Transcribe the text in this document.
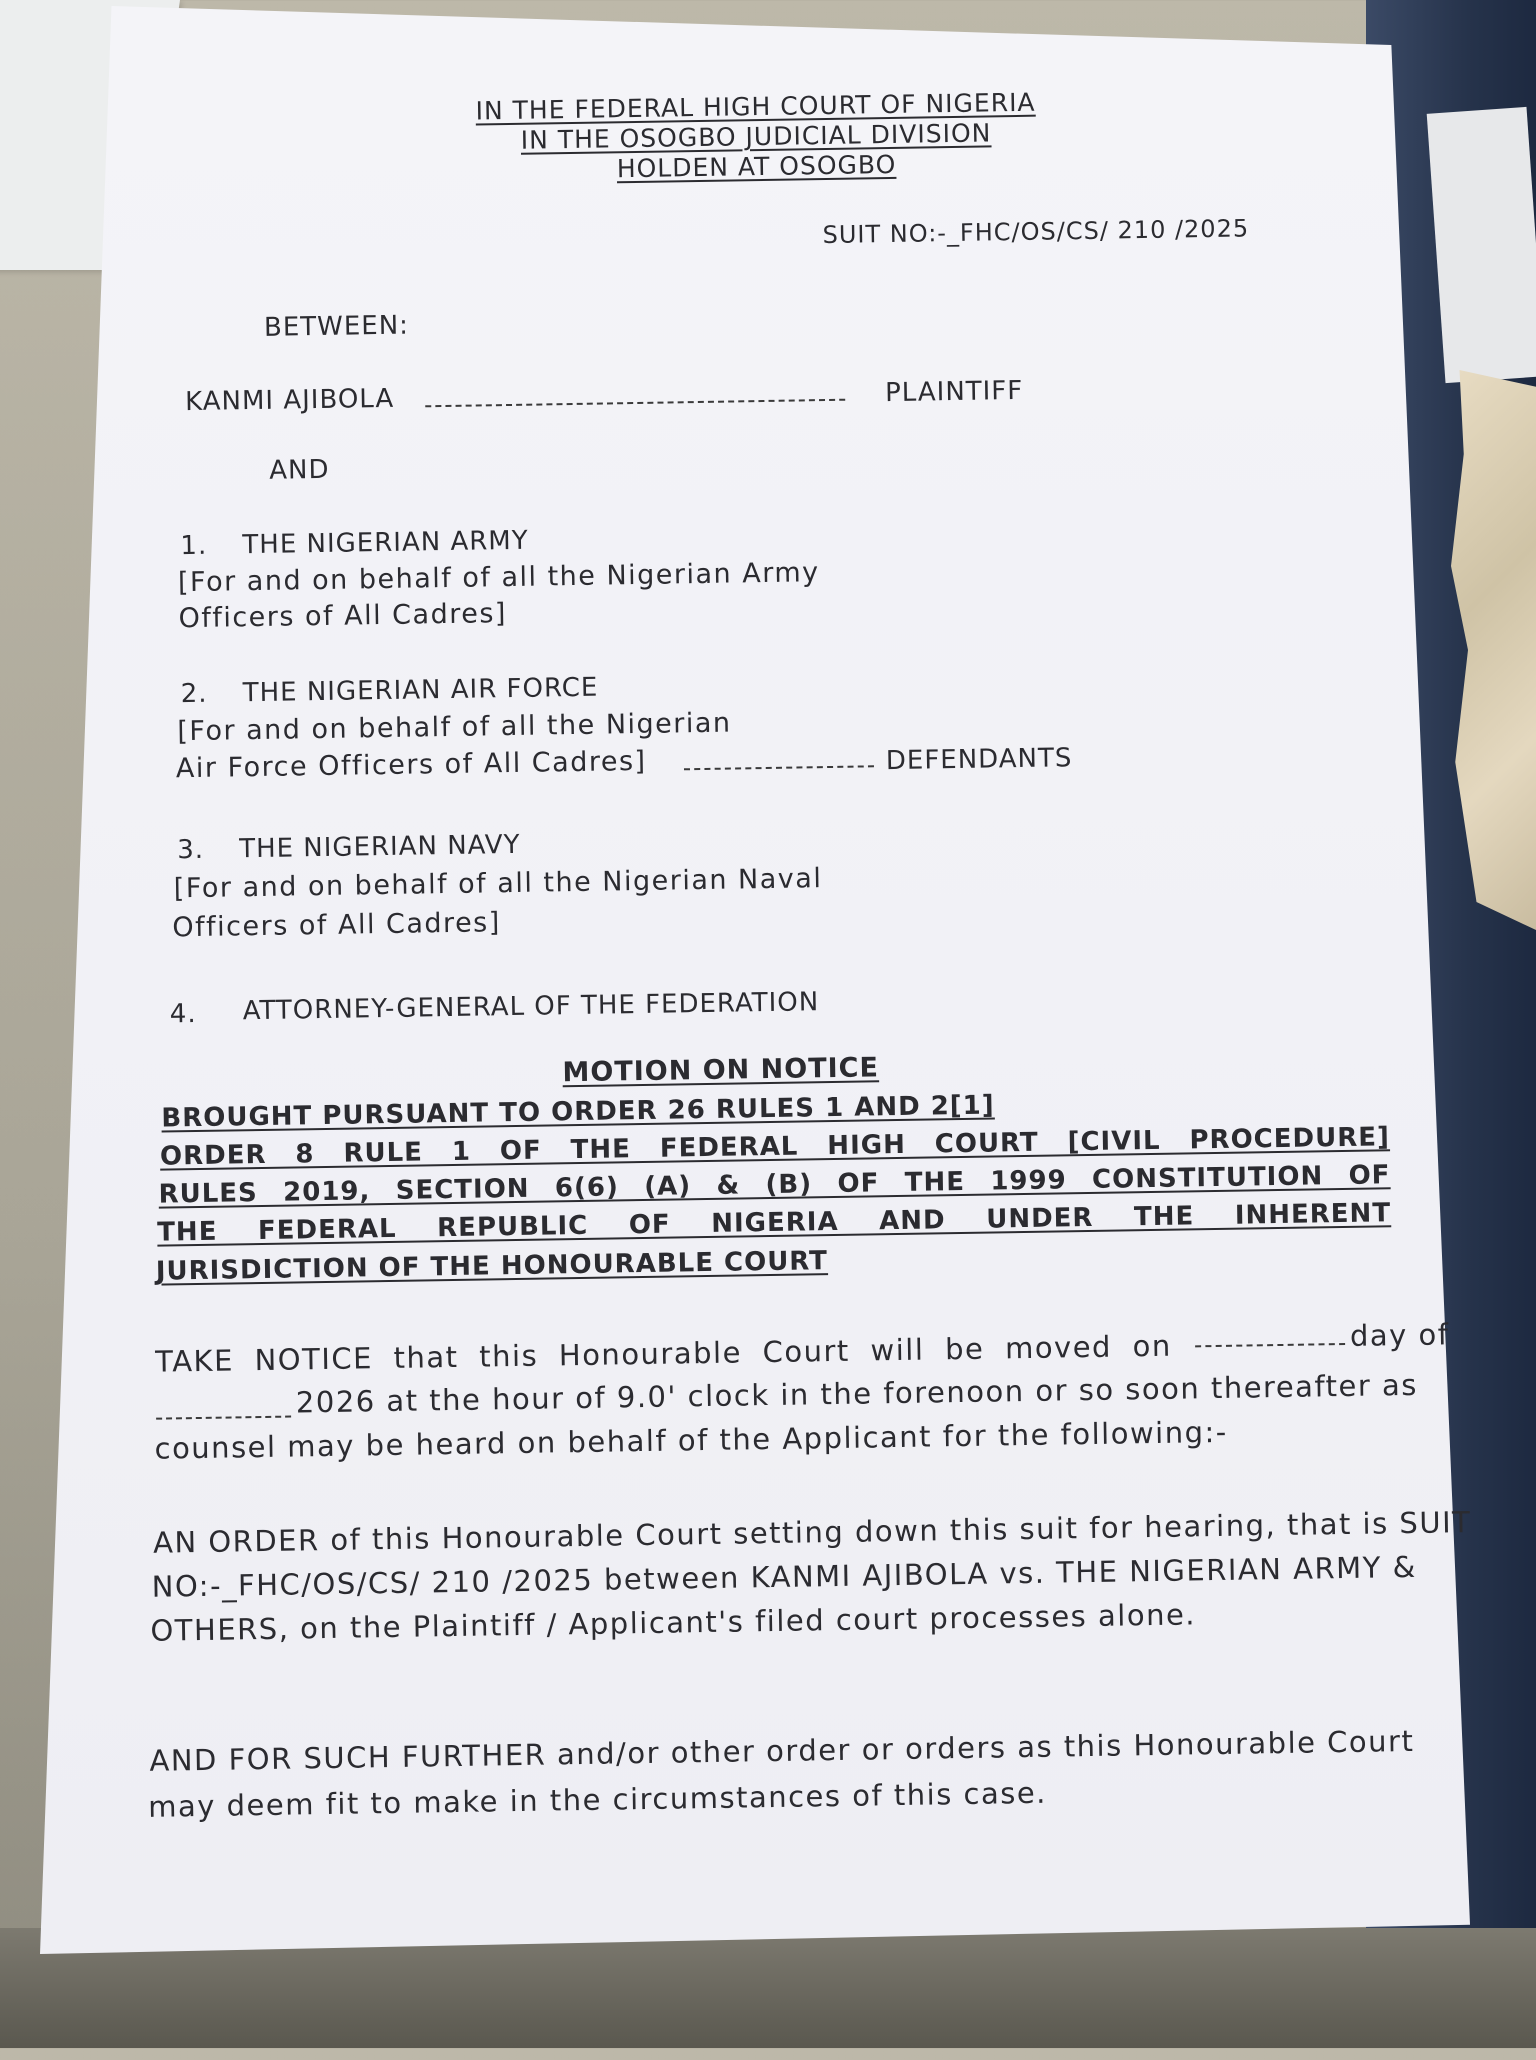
IN THE FEDERAL HIGH COURT OF NIGERIA
IN THE OSOGBO JUDICIAL DIVISION
HOLDEN AT OSOGBO
SUIT NO:-_FHC/OS/CS/ 210 /2025
BETWEEN:
KANMI AJIBOLA	PLAINTIFF
AND
1. THE NIGERIAN ARMY
[For and on behalf of all the Nigerian Army
Officers of All Cadres]
2. THE NIGERIAN AIR FORCE
[For and on behalf of all the Nigerian
Air Force Officers of All Cadres]	DEFENDANTS
3. THE NIGERIAN NAVY
[For and on behalf of all the Nigerian Naval
Officers of All Cadres]
4. ATTORNEY-GENERAL OF THE FEDERATION
MOTION ON NOTICE
BROUGHT PURSUANT TO ORDER 26 RULES 1 AND 2[1]
ORDER 8 RULE 1 OF THE FEDERAL HIGH COURT [CIVIL PROCEDURE]
RULES 2019, SECTION 6(6) (A) & (B) OF THE 1999 CONSTITUTION OF
THE FEDERAL REPUBLIC OF NIGERIA AND UNDER THE INHERENT
JURISDICTION OF THE HONOURABLE COURT
TAKE NOTICE that this Honourable Court will be moved on	day of
2026 at the hour of 9.0' clock in the forenoon or so soon thereafter as
counsel may be heard on behalf of the Applicant for the following:-
AN ORDER of this Honourable Court setting down this suit for hearing, that is SUIT
NO:-_FHC/OS/CS/ 210 /2025 between KANMI AJIBOLA vs. THE NIGERIAN ARMY &
OTHERS, on the Plaintiff / Applicant's filed court processes alone.
AND FOR SUCH FURTHER and/or other order or orders as this Honourable Court
may deem fit to make in the circumstances of this case.
